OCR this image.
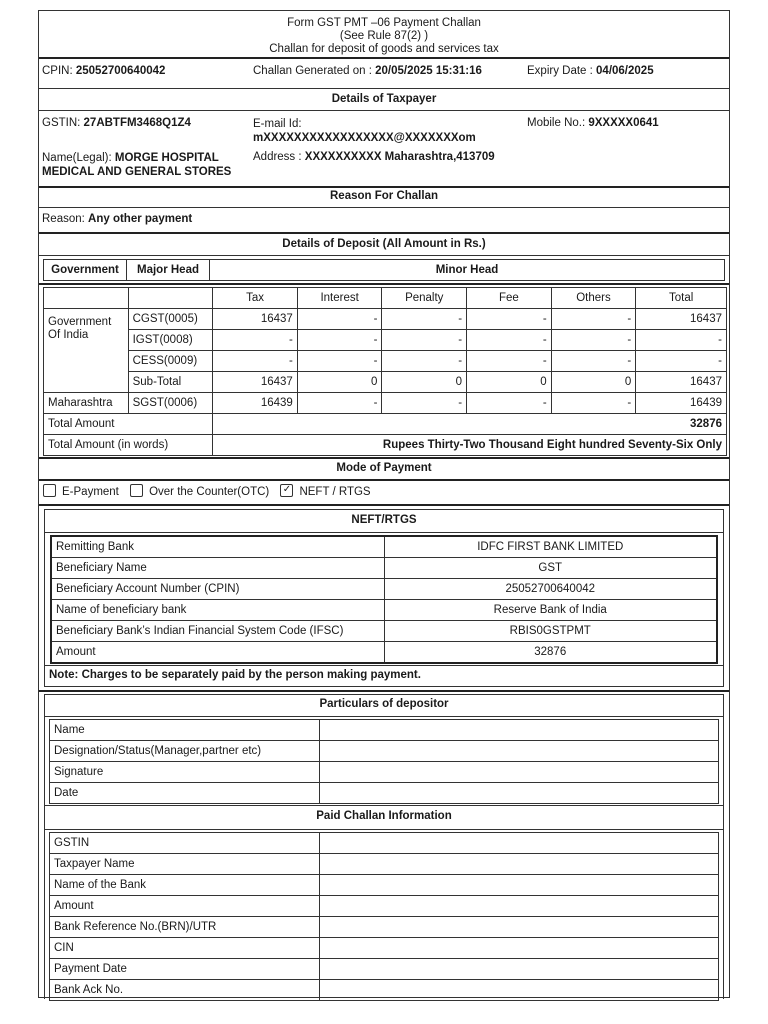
Form GST PMT –06 Payment Challan
(See Rule 87(2) )
Challan for deposit of goods and services tax
CPIN: 25052700640042	Challan Generated on : 20/05/2025 15:31:16	Expiry Date : 04/06/2025
Details of Taxpayer
GSTIN: 27ABTFM3468Q1Z4	E-mail Id:
mXXXXXXXXXXXXXXXXX@XXXXXXXom
Mobile No.: 9XXXXX0641
Name(Legal): MORGE HOSPITAL
MEDICAL AND GENERAL STORES
Address : XXXXXXXXXX Maharashtra,413709
Reason For Challan
Reason: Any other payment
Details of Deposit (All Amount in Rs.)
Government	Major Head	Minor Head
		Tax	Interest	Penalty	Fee	Others	Total

Government
Of India	CGST(0005)	16437	-	-	-	-	16437
	IGST(0008)	-	-	-	-	-	-
	CESS(0009)	-	-	-	-	-	-
	Sub-Total	16437	0	0	0	0	16437
Maharashtra	SGST(0006)	16439	-	-	-	-	16439
Total Amount		32876					
Total Amount (in words)		Rupees Thirty-Two Thousand Eight hundred Seventy-Six Only					
Mode of Payment
E-Payment	Over the Counter(OTC) ✓ NEFT / RTGS
NEFT/RTGS
Remitting Bank	IDFC FIRST BANK LIMITED
Beneficiary Name	GST
Beneficiary Account Number (CPIN)	25052700640042
Name of beneficiary bank	Reserve Bank of India
Beneficiary Bank’s Indian Financial System Code (IFSC)	RBIS0GSTPMT
Amount	32876
Note: Charges to be separately paid by the person making payment.
Particulars of depositor
Name	
Designation/Status(Manager,partner etc)	
Signature	
Date	
Paid Challan Information
GSTIN	
Taxpayer Name	
Name of the Bank	
Amount	
Bank Reference No.(BRN)/UTR	
CIN	
Payment Date	
Bank Ack No.	
